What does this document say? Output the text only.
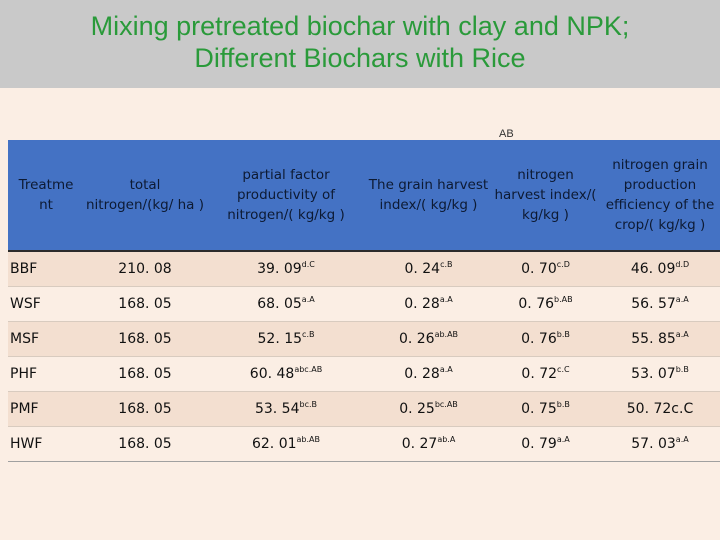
Mixing pretreated biochar with clay and NPK;
Different Biochars with Rice
AB
Treatme nt	total nitrogen/(kg/ ha )	partial factor productivity of nitrogen/( kg/kg )	The grain harvest index/( kg/kg )	nitrogen harvest index/( kg/kg )	nitrogen grain production efficiency of the crop/( kg/kg )
BBF	210. 08	39. $09^{d.C}$	0. $24^{c.B}$	0. $70^{c.D}$	46. $09^{d.D}$
WSF	168. 05	68. $05^{a.A}$	0. $28^{a.A}$	0. $76^{b.AB}$	56. $57^{a.A}$
MSF	168. 05	52. $15^{c.B}$	0. $26^{ab.AB}$	0. $76^{b.B}$	55. $85^{a.A}$
PHF	168. 05	60. $48^{abc.AB}$	0. $28^{a.A}$	0. $72^{c.C}$	53. $07^{b.B}$
PMF	168. 05	53. $54^{bc.B}$	0. $25^{bc.AB}$	0. $75^{b.B}$	50. 72c.C
HWF	168. 05	62. $01^{ab.AB}$	0. $27^{ab.A}$	0. $79^{a.A}$	57. $03^{a.A}$
